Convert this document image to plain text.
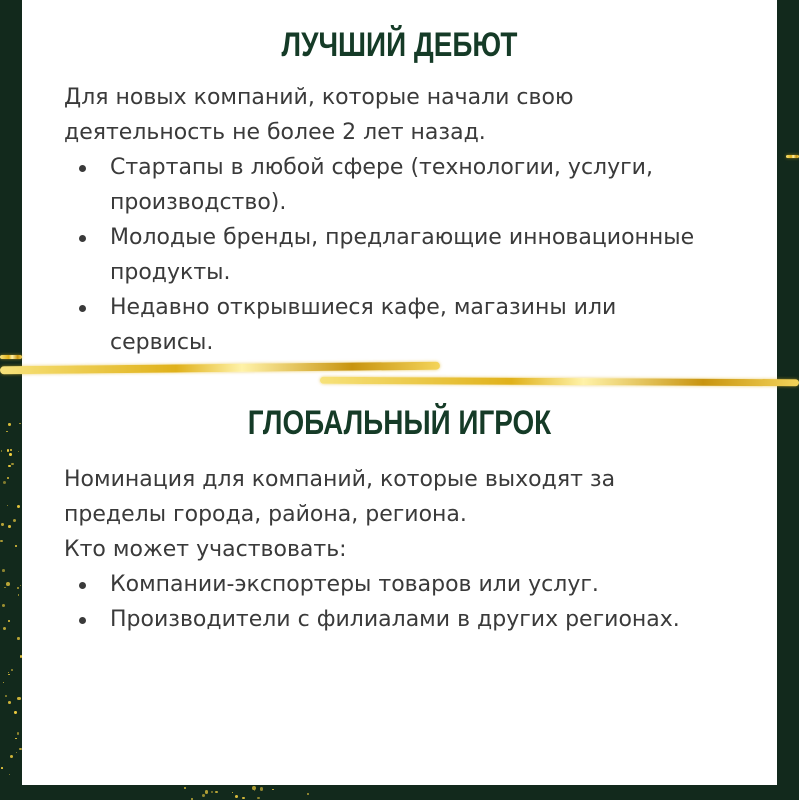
ЛУЧШИЙ ДЕБЮТ
Для новых компаний, которые начали свою
деятельность не более 2 лет назад.
Стартапы в любой сфере (технологии, услуги, производство).
Молодые бренды, предлагающие инновационные продукты.
Недавно открывшиеся кафе, магазины или сервисы.
ГЛОБАЛЬНЫЙ ИГРОК
Номинация для компаний, которые выходят за
пределы города, района, региона.
Кто может участвовать:
Компании-экспортеры товаров или услуг.
Производители с филиалами в других регионах.
